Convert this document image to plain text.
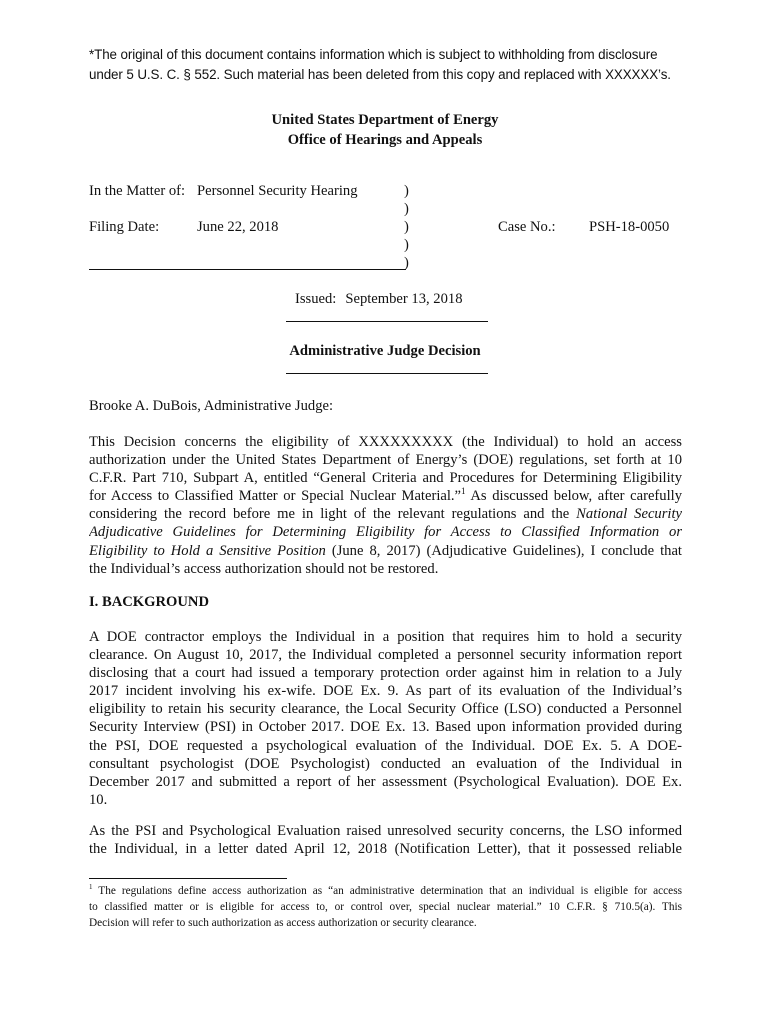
*The original of this document contains information which is subject to withholding from disclosure
under 5 U.S. C. § 552. Such material has been deleted from this copy and replaced with XXXXXX’s.
United States Department of Energy
Office of Hearings and Appeals
In the Matter of: Personnel Security Hearing
Filing Date:	June 22, 2018	Case No.: PSH-18-0050
)
)
)
)
)
Issued: September 13, 2018
Administrative Judge Decision
Brooke A. DuBois, Administrative Judge:
This Decision concerns the eligibility of XXXXXXXXX (the Individual) to hold an access
authorization under the United States Department of Energy’s (DOE) regulations, set forth at 10
C.F.R. Part 710, Subpart A, entitled “General Criteria and Procedures for Determining Eligibility
for Access to Classified Matter or Special Nuclear Material.”$^1$ As discussed below, after carefully
considering the record before me in light of the relevant regulations and the National Security
Adjudicative Guidelines for Determining Eligibility for Access to Classified Information or
Eligibility to Hold a Sensitive Position (June 8, 2017) (Adjudicative Guidelines), I conclude that
the Individual’s access authorization should not be restored.
I. BACKGROUND
A DOE contractor employs the Individual in a position that requires him to hold a security
clearance. On August 10, 2017, the Individual completed a personnel security information report
disclosing that a court had issued a temporary protection order against him in relation to a July
2017 incident involving his ex-wife. DOE Ex. 9. As part of its evaluation of the Individual’s
eligibility to retain his security clearance, the Local Security Office (LSO) conducted a Personnel
Security Interview (PSI) in October 2017. DOE Ex. 13. Based upon information provided during
the PSI, DOE requested a psychological evaluation of the Individual. DOE Ex. 5. A DOE-
consultant psychologist (DOE Psychologist) conducted an evaluation of the Individual in
December 2017 and submitted a report of her assessment (Psychological Evaluation). DOE Ex.
10.
As the PSI and Psychological Evaluation raised unresolved security concerns, the LSO informed
the Individual, in a letter dated April 12, 2018 (Notification Letter), that it possessed reliable
$^1$ The regulations define access authorization as “an administrative determination that an individual is eligible for access
to classified matter or is eligible for access to, or control over, special nuclear material.” 10 C.F.R. § 710.5(a). This
Decision will refer to such authorization as access authorization or security clearance.
